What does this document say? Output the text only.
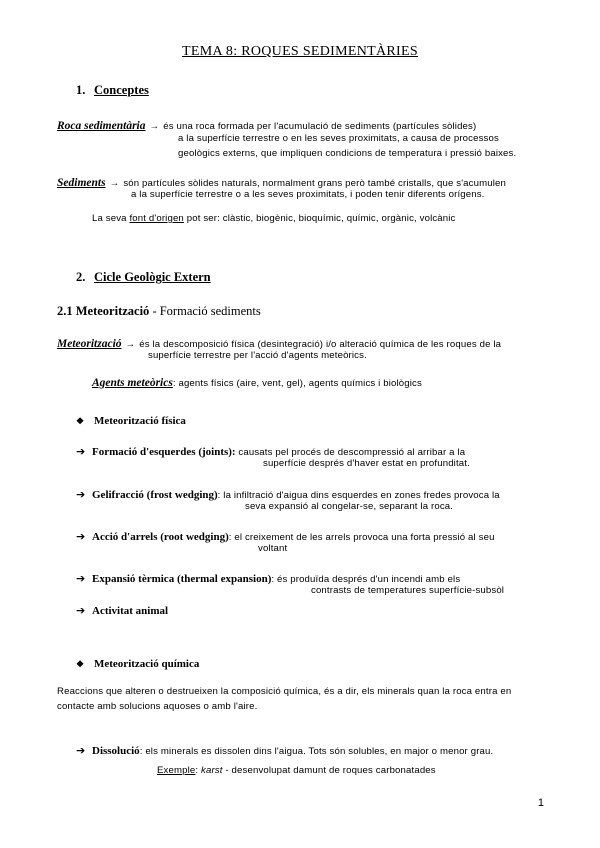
TEMA 8: ROQUES SEDIMENTÀRIES
1. Conceptes
Roca sedimentària → és una roca formada per l'acumulació de sediments (partícules sòlides)
a la superfície terrestre o en les seves proximitats, a causa de processos
geològics externs, que impliquen condicions de temperatura i pressió baixes.
Sediments → són partícules sòlides naturals, normalment grans però també cristalls, que s'acumulen
a la superfície terrestre o a les seves proximitats, i poden tenir diferents orígens.
La seva font d'origen pot ser: clàstic, biogènic, bioquímic, químic, orgànic, volcànic
2. Cicle Geològic Extern
2.1 Meteorització - Formació sediments
Meteorització → és la descomposició física (desintegració) i/o alteració química de les roques de la
superfície terrestre per l'acció d'agents meteòrics.
Agents meteòrics: agents físics (aire, vent, gel), agents químics i biològics
❖ Meteorització física
➔ Formació d'esquerdes (joints): causats pel procés de descompressió al arribar a la
superfície després d'haver estat en profunditat.
➔ Gelifracció (frost wedging): la infiltració d'aigua dins esquerdes en zones fredes provoca la
seva expansió al congelar-se, separant la roca.
➔ Acció d'arrels (root wedging): el creixement de les arrels provoca una forta pressió al seu
voltant
➔ Expansió tèrmica (thermal expansion): és produïda després d'un incendi amb els
contrasts de temperatures superfície-subsòl
➔ Activitat animal
❖ Meteorització química
Reaccions que alteren o destrueixen la composició química, és a dir, els minerals quan la roca entra en
contacte amb solucions aquoses o amb l'aire.
➔ Dissolució: els minerals es dissolen dins l'aigua. Tots són solubles, en major o menor grau.
Exemple: karst - desenvolupat damunt de roques carbonatades
1
